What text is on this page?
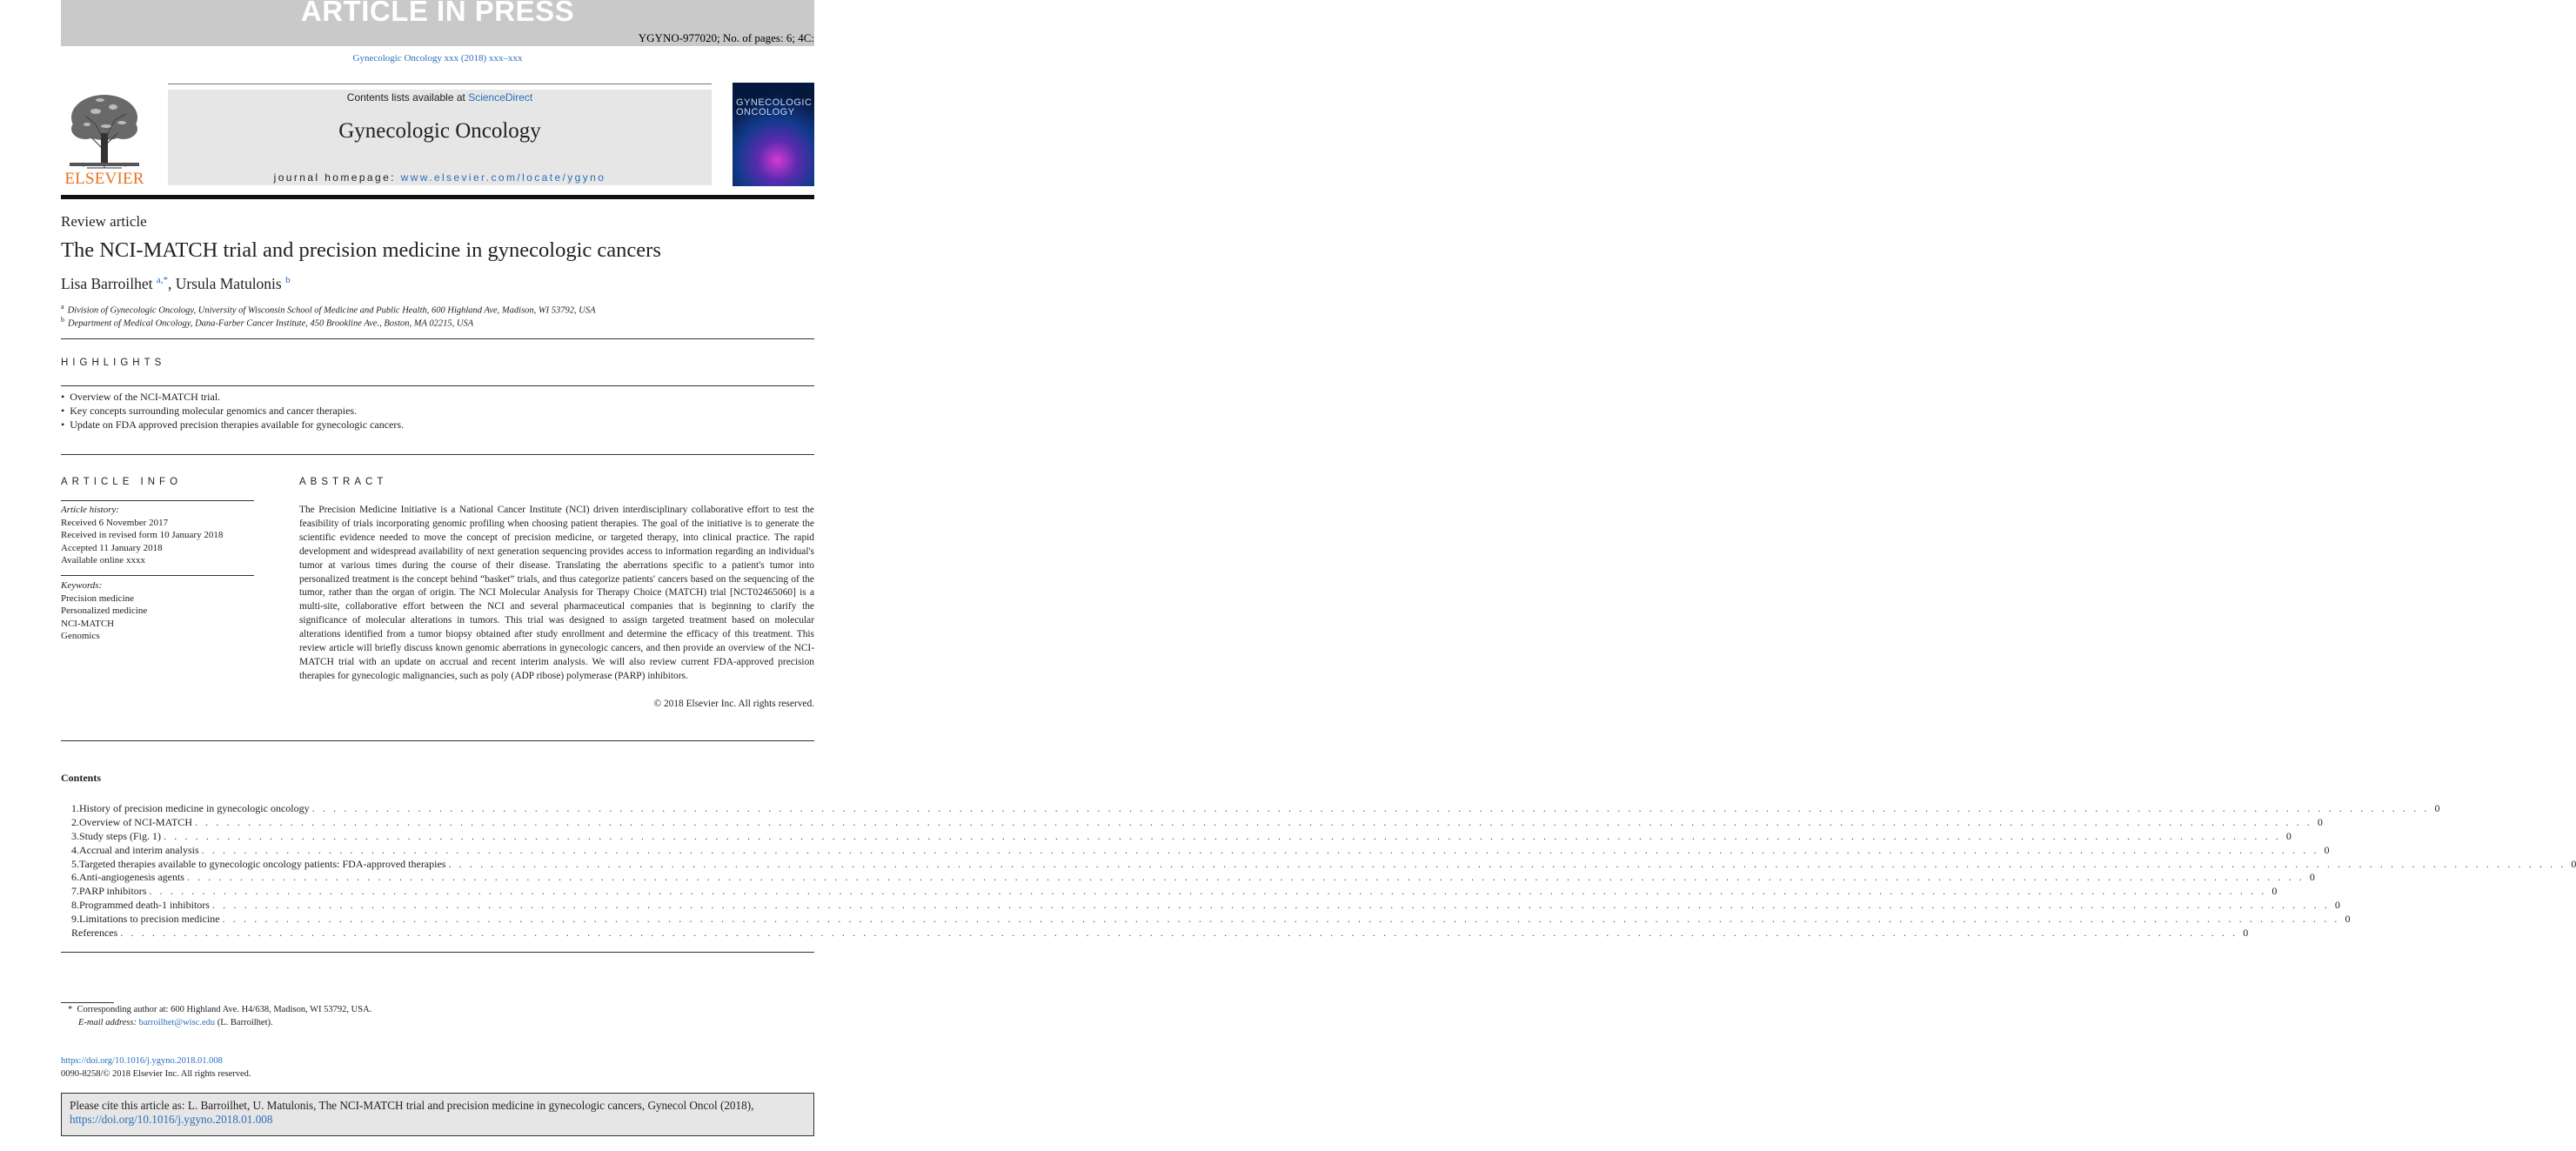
ARTICLE IN PRESS
YGYNO-977020; No. of pages: 6; 4C:
Gynecologic Oncology xxx (2018) xxx–xxx
ELSEVIER
Contents lists available at ScienceDirect
Gynecologic Oncology
journal homepage: www.elsevier.com/locate/ygyno
GYNECOLOGIC ONCOLOGY
Review article
The NCI-MATCH trial and precision medicine in gynecologic cancers
Lisa Barroilhet $^{a,*}$, Ursula Matulonis $^b$
$^a$ Division of Gynecologic Oncology, University of Wisconsin School of Medicine and Public Health, 600 Highland Ave, Madison, WI 53792, USA
$^b$ Department of Medical Oncology, Dana-Farber Cancer Institute, 450 Brookline Ave., Boston, MA 02215, USA
HIGHLIGHTS
• Overview of the NCI-MATCH trial.
• Key concepts surrounding molecular genomics and cancer therapies.
• Update on FDA approved precision therapies available for gynecologic cancers.
ARTICLE INFO
Article history:
Received 6 November 2017
Received in revised form 10 January 2018
Accepted 11 January 2018
Available online xxxx
Keywords:
Precision medicine
Personalized medicine
NCI-MATCH
Genomics
ABSTRACT
The Precision Medicine Initiative is a National Cancer Institute (NCI) driven interdisciplinary collaborative effort to test the feasibility of trials incorporating genomic profiling when choosing patient therapies. The goal of the initiative is to generate the scientific evidence needed to move the concept of precision medicine, or targeted therapy, into clinical practice. The rapid development and widespread availability of next generation sequencing provides access to information regarding an individual's tumor at various times during the course of their disease. Translating the aberrations specific to a patient's tumor into personalized treatment is the concept behind “basket” trials, and thus categorize patients' cancers based on the sequencing of the tumor, rather than the organ of origin. The NCI Molecular Analysis for Therapy Choice (MATCH) trial [NCT02465060] is a multi-site, collaborative effort between the NCI and several pharmaceutical companies that is beginning to clarify the significance of molecular alterations in tumors. This trial was designed to assign targeted treatment based on molecular alterations identified from a tumor biopsy obtained after study enrollment and determine the efficacy of this treatment. This review article will briefly discuss known genomic aberrations in gynecologic cancers, and then provide an overview of the NCI-MATCH trial with an update on accrual and recent interim analysis. We will also review current FDA-approved precision therapies for gynecologic malignancies, such as poly (ADP ribose) polymerase (PARP) inhibitors.
© 2018 Elsevier Inc. All rights reserved.
Contents
1. History of precision medicine in gynecologic oncology . . . . . . . . . . . . . . . . . . . . . . . . . . . . . . . . . . . . . . . . . . . . . . . . . . . . . . . . . . . . . . . . . . . . . . . . . . . . . . . . . . . . . . . . . . . . . . . . . . . . . . . . . . . . . . . . . . . . . . . . . . . . . . . . . . . . . . . . . . . . . . . . . . . . . . . . . . . . . . . . . . . . . . . . . . . . . . . . . . . . . . . . . . . . . . . . . . . . . . . . 0
2. Overview of NCI-MATCH . . . . . . . . . . . . . . . . . . . . . . . . . . . . . . . . . . . . . . . . . . . . . . . . . . . . . . . . . . . . . . . . . . . . . . . . . . . . . . . . . . . . . . . . . . . . . . . . . . . . . . . . . . . . . . . . . . . . . . . . . . . . . . . . . . . . . . . . . . . . . . . . . . . . . . . . . . . . . . . . . . . . . . . . . . . . . . . . . . . . . . . . . . . . . . . . . . . . . . . . 0
3. Study steps (Fig. 1) . . . . . . . . . . . . . . . . . . . . . . . . . . . . . . . . . . . . . . . . . . . . . . . . . . . . . . . . . . . . . . . . . . . . . . . . . . . . . . . . . . . . . . . . . . . . . . . . . . . . . . . . . . . . . . . . . . . . . . . . . . . . . . . . . . . . . . . . . . . . . . . . . . . . . . . . . . . . . . . . . . . . . . . . . . . . . . . . . . . . . . . . . . . . . . . . . . . . . . . . 0
4. Accrual and interim analysis . . . . . . . . . . . . . . . . . . . . . . . . . . . . . . . . . . . . . . . . . . . . . . . . . . . . . . . . . . . . . . . . . . . . . . . . . . . . . . . . . . . . . . . . . . . . . . . . . . . . . . . . . . . . . . . . . . . . . . . . . . . . . . . . . . . . . . . . . . . . . . . . . . . . . . . . . . . . . . . . . . . . . . . . . . . . . . . . . . . . . . . . . . . . . . . . . . . . . . . . 0
5. Targeted therapies available to gynecologic oncology patients: FDA-approved therapies . . . . . . . . . . . . . . . . . . . . . . . . . . . . . . . . . . . . . . . . . . . . . . . . . . . . . . . . . . . . . . . . . . . . . . . . . . . . . . . . . . . . . . . . . . . . . . . . . . . . . . . . . . . . . . . . . . . . . . . . . . . . . . . . . . . . . . . . . . . . . . . . . . . . . . . . . . . . . . . . . . . . . . . . . . . . . . . . . . . . . . . . . . . . . . . . . . . . . . . . 0
6. Anti-angiogenesis agents . . . . . . . . . . . . . . . . . . . . . . . . . . . . . . . . . . . . . . . . . . . . . . . . . . . . . . . . . . . . . . . . . . . . . . . . . . . . . . . . . . . . . . . . . . . . . . . . . . . . . . . . . . . . . . . . . . . . . . . . . . . . . . . . . . . . . . . . . . . . . . . . . . . . . . . . . . . . . . . . . . . . . . . . . . . . . . . . . . . . . . . . . . . . . . . . . . . . . . . . 0
7. PARP inhibitors . . . . . . . . . . . . . . . . . . . . . . . . . . . . . . . . . . . . . . . . . . . . . . . . . . . . . . . . . . . . . . . . . . . . . . . . . . . . . . . . . . . . . . . . . . . . . . . . . . . . . . . . . . . . . . . . . . . . . . . . . . . . . . . . . . . . . . . . . . . . . . . . . . . . . . . . . . . . . . . . . . . . . . . . . . . . . . . . . . . . . . . . . . . . . . . . . . . . . . . . 0
8. Programmed death-1 inhibitors . . . . . . . . . . . . . . . . . . . . . . . . . . . . . . . . . . . . . . . . . . . . . . . . . . . . . . . . . . . . . . . . . . . . . . . . . . . . . . . . . . . . . . . . . . . . . . . . . . . . . . . . . . . . . . . . . . . . . . . . . . . . . . . . . . . . . . . . . . . . . . . . . . . . . . . . . . . . . . . . . . . . . . . . . . . . . . . . . . . . . . . . . . . . . . . . . . . . . . . . 0
9. Limitations to precision medicine . . . . . . . . . . . . . . . . . . . . . . . . . . . . . . . . . . . . . . . . . . . . . . . . . . . . . . . . . . . . . . . . . . . . . . . . . . . . . . . . . . . . . . . . . . . . . . . . . . . . . . . . . . . . . . . . . . . . . . . . . . . . . . . . . . . . . . . . . . . . . . . . . . . . . . . . . . . . . . . . . . . . . . . . . . . . . . . . . . . . . . . . . . . . . . . . . . . . . . . . 0
References . . . . . . . . . . . . . . . . . . . . . . . . . . . . . . . . . . . . . . . . . . . . . . . . . . . . . . . . . . . . . . . . . . . . . . . . . . . . . . . . . . . . . . . . . . . . . . . . . . . . . . . . . . . . . . . . . . . . . . . . . . . . . . . . . . . . . . . . . . . . . . . . . . . . . . . . . . . . . . . . . . . . . . . . . . . . . . . . . . . . . . . . . . . . . . . . . . . . . . . . 0
* Corresponding author at: 600 Highland Ave. H4/638, Madison, WI 53792, USA.
E-mail address: barroilhet@wisc.edu (L. Barroilhet).
https://doi.org/10.1016/j.ygyno.2018.01.008
0090-8258/© 2018 Elsevier Inc. All rights reserved.
Please cite this article as: L. Barroilhet, U. Matulonis, The NCI-MATCH trial and precision medicine in gynecologic cancers, Gynecol Oncol (2018), https://doi.org/10.1016/j.ygyno.2018.01.008
